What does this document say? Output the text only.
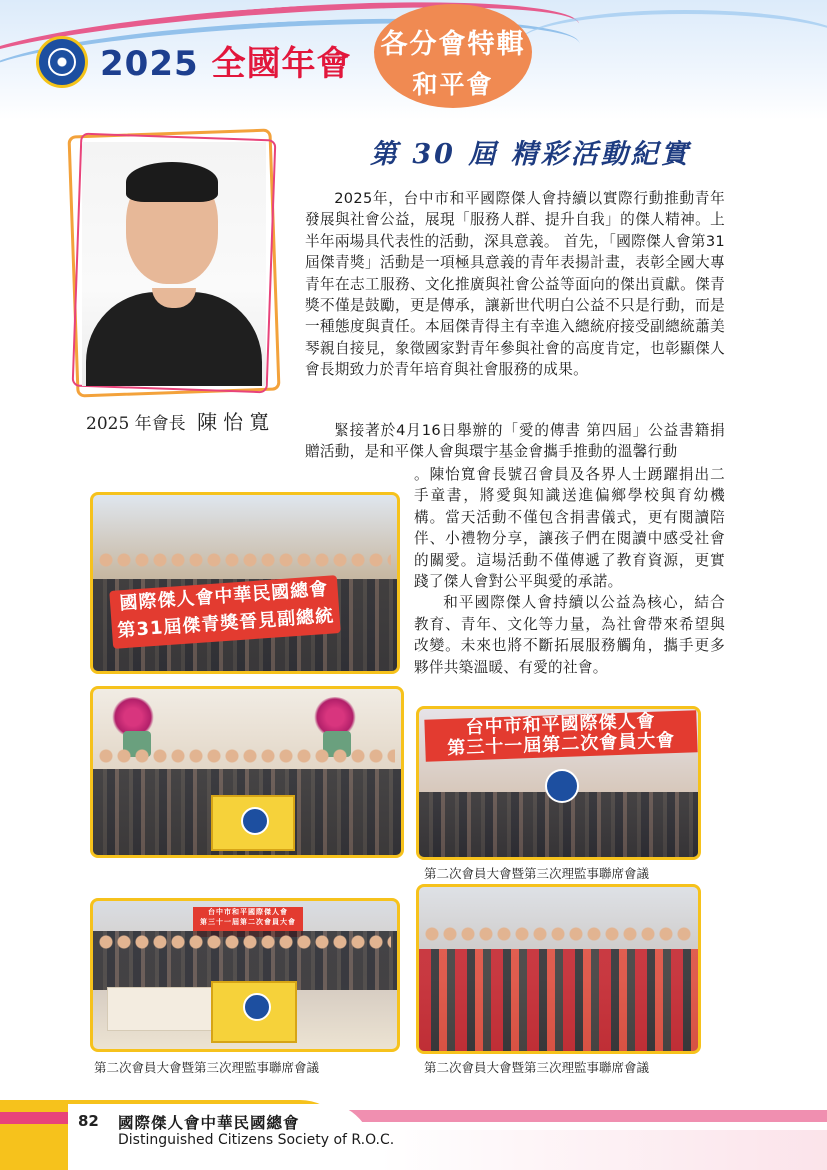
2025 全國年會 各分會特輯
和平會
2025 年會長 陳怡寬
第 30 屆 精彩活動紀實

2025年，台中市和平國際傑人會持續以實際行動推動青年發展與社會公益，展現「服務人群、提升自我」的傑人精神。上半年兩場具代表性的活動，深具意義。 首先，「國際傑人會第31屆傑青獎」活動是一項極具意義的青年表揚計畫，表彰全國大專青年在志工服務、文化推廣與社會公益等面向的傑出貢獻。傑青獎不僅是鼓勵，更是傳承，讓新世代明白公益不只是行動，而是一種態度與責任。本屆傑青得主有幸進入總統府接受副總統蕭美琴親自接見，象徵國家對青年參與社會的高度肯定，也彰顯傑人會長期致力於青年培育與社會服務的成果。

緊接著於4月16日舉辦的「愛的傳書 第四屆」公益書籍捐贈活動，是和平傑人會與環宇基金會攜手推動的溫馨行動

。陳怡寬會長號召會員及各界人士踴躍捐出二手童書，將愛與知識送進偏鄉學校與育幼機構。當天活動不僅包含捐書儀式，更有閱讀陪伴、小禮物分享，讓孩子們在閱讀中感受社會的關愛。這場活動不僅傳遞了教育資源，更實踐了傑人會對公平與愛的承諾。

和平國際傑人會持續以公益為核心，結合教育、青年、文化等力量，為社會帶來希望與改變。未來也將不斷拓展服務觸角，攜手更多夥伴共築溫暖、有愛的社會。

國際傑人會中華民國總會
第31屆傑青獎晉見副總統
台中市和平國際傑人會
第三十一屆第二次會員大會
第二次會員大會暨第三次理監事聯席會議
台中市和平國際傑人會
第三十一屆第二次會員大會
第二次會員大會暨第三次理監事聯席會議	第二次會員大會暨第三次理監事聯席會議
82 國際傑人會中華民國總會
Distinguished Citizens Society of R.O.C.
